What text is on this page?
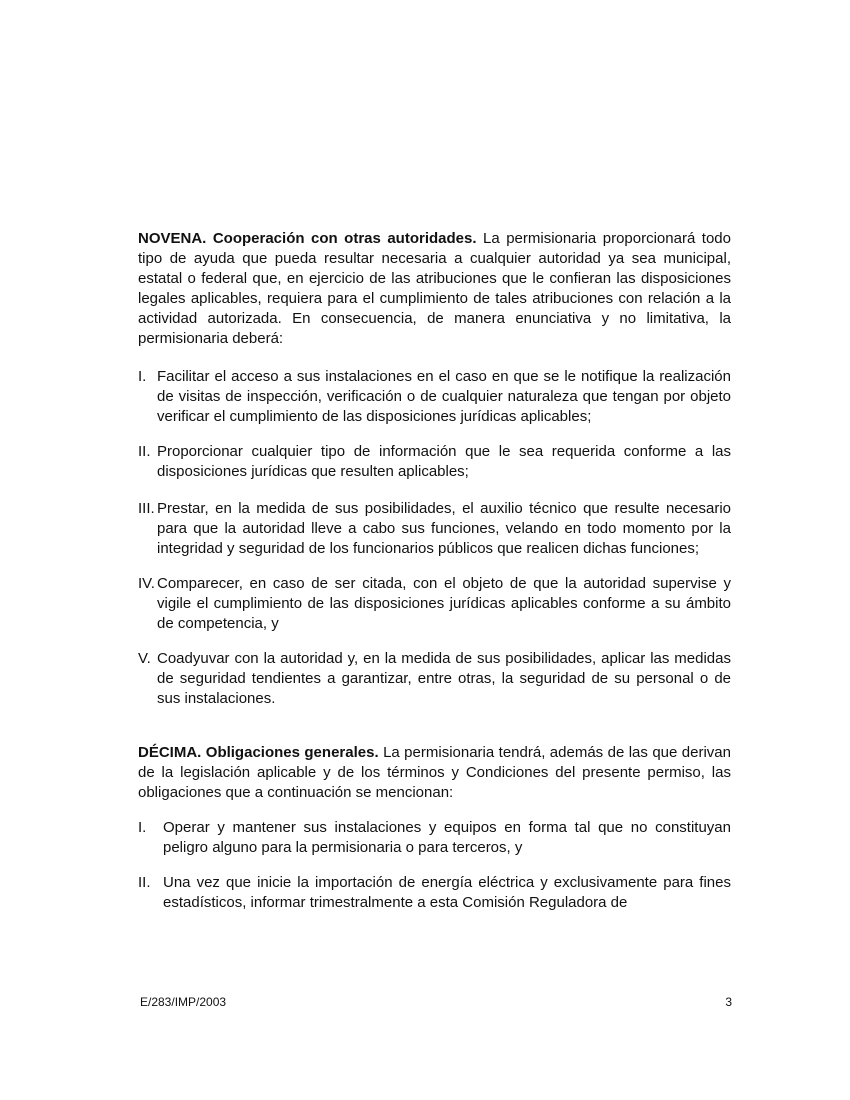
NOVENA. Cooperación con otras autoridades. La permisionaria proporcionará todo tipo de ayuda que pueda resultar necesaria a cualquier autoridad ya sea municipal, estatal o federal que, en ejercicio de las atribuciones que le confieran las disposiciones legales aplicables, requiera para el cumplimiento de tales atribuciones con relación a la actividad autorizada. En consecuencia, de manera enunciativa y no limitativa, la permisionaria deberá:

I. Facilitar el acceso a sus instalaciones en el caso en que se le notifique la realización de visitas de inspección, verificación o de cualquier naturaleza que tengan por objeto verificar el cumplimiento de las disposiciones jurídicas aplicables;
II. Proporcionar cualquier tipo de información que le sea requerida conforme a las disposiciones jurídicas que resulten aplicables;
III. Prestar, en la medida de sus posibilidades, el auxilio técnico que resulte necesario para que la autoridad lleve a cabo sus funciones, velando en todo momento por la integridad y seguridad de los funcionarios públicos que realicen dichas funciones;
IV. Comparecer, en caso de ser citada, con el objeto de que la autoridad supervise y vigile el cumplimiento de las disposiciones jurídicas aplicables conforme a su ámbito de competencia, y
V. Coadyuvar con la autoridad y, en la medida de sus posibilidades, aplicar las medidas de seguridad tendientes a garantizar, entre otras, la seguridad de su personal o de sus instalaciones.

DÉCIMA. Obligaciones generales. La permisionaria tendrá, además de las que derivan de la legislación aplicable y de los términos y Condiciones del presente permiso, las obligaciones que a continuación se mencionan:

I. Operar y mantener sus instalaciones y equipos en forma tal que no constituyan peligro alguno para la permisionaria o para terceros, y
II. Una vez que inicie la importación de energía eléctrica y exclusivamente para fines estadísticos, informar trimestralmente a esta Comisión Reguladora de
E/283/IMP/2003	3
